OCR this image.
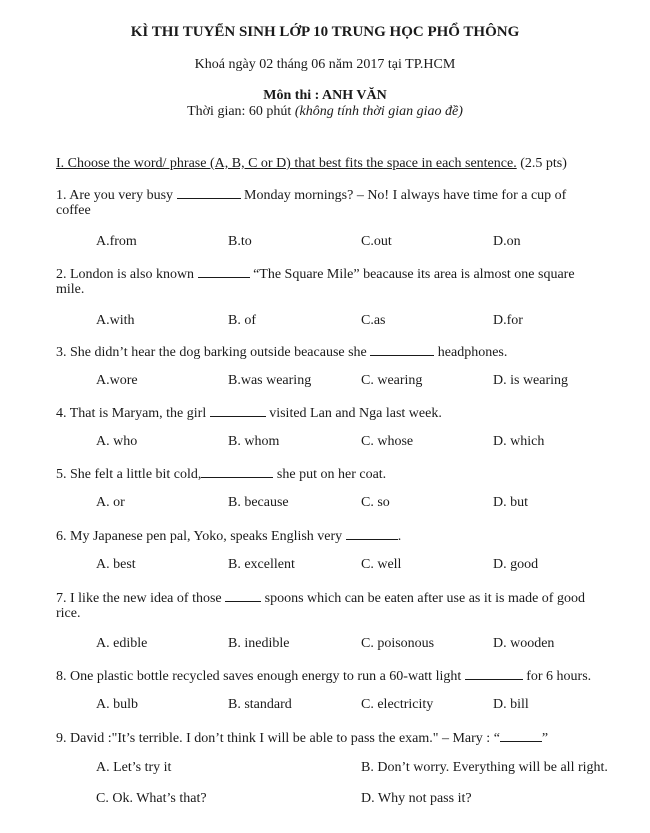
KÌ THI TUYỂN SINH LỚP 10 TRUNG HỌC PHỔ THÔNG
Khoá ngày 02 tháng 06 năm 2017 tại TP.HCM
Môn thi : ANH VĂN
Thời gian: 60 phút (không tính thời gian giao đề)
I. Choose the word/ phrase (A, B, C or D) that best fits the space in each sentence. (2.5 pts)
1. Are you very busy	Monday mornings? – No! I always have time for a cup of
coffee
A.from	B.to	C.out	D.on
2. London is also known	“The Square Mile” beacause its area is almost one square
mile.
A.with	B. of	C.as	D.for
3. She didn’t hear the dog barking outside beacause she	headphones.
A.wore	B.was wearing	C. wearing	D. is wearing
4. That is Maryam, the girl	visited Lan and Nga last week.
A. who	B. whom	C. whose	D. which
5. She felt a little bit cold,	she put on her coat.
A. or	B. because	C. so	D. but
6. My Japanese pen pal, Yoko, speaks English very	.
A. best	B. excellent	C. well	D. good
7. I like the new idea of those	spoons which can be eaten after use as it is made of good
rice.
A. edible	B. inedible	C. poisonous	D. wooden
8. One plastic bottle recycled saves enough energy to run a 60-watt light	for 6 hours.
A. bulb	B. standard	C. electricity	D. bill
9. David :"It’s terrible. I don’t think I will be able to pass the exam." – Mary : “	”
A. Let’s try it	B. Don’t worry. Everything will be all right.
C. Ok. What’s that?	D. Why not pass it?
